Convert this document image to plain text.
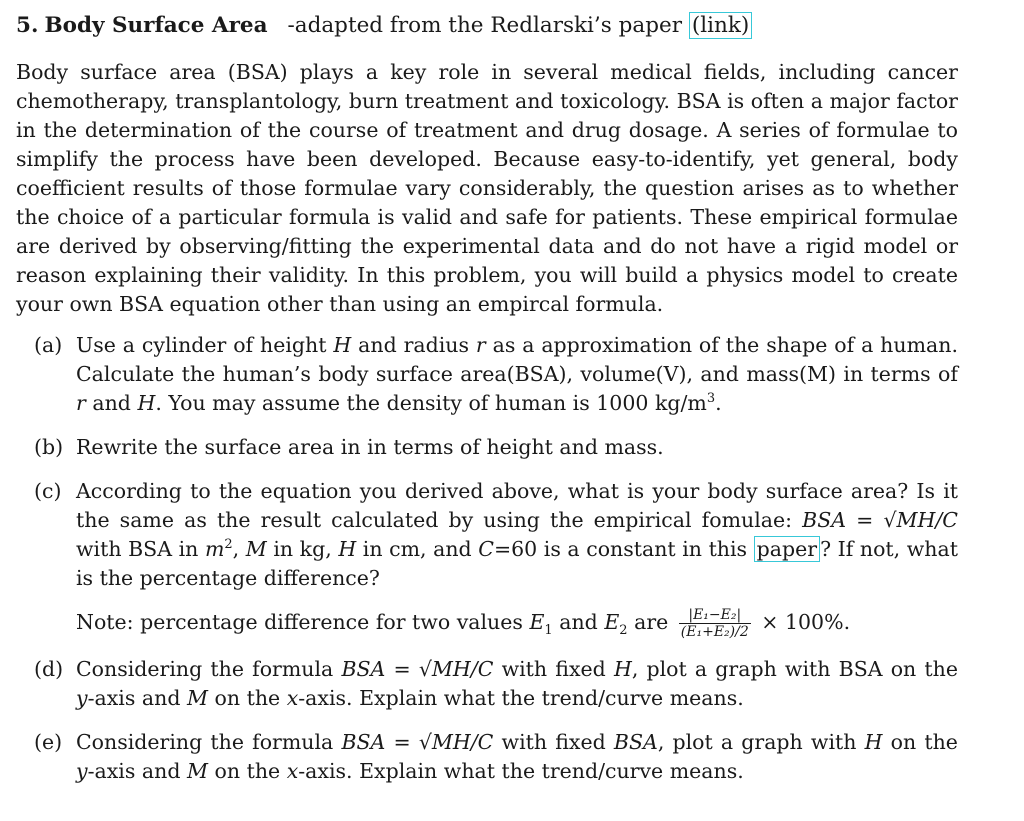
5. Body Surface Area -adapted from the Redlarski’s paper (link)
Body surface area (BSA) plays a key role in several medical fields, including cancer chemotherapy, transplantology, burn treatment and toxicology. BSA is often a major factor in the determination of the course of treatment and drug dosage. A series of formulae to simplify the process have been developed. Because easy-to-identify, yet general, body coefficient results of those formulae vary considerably, the question arises as to whether the choice of a particular formula is valid and safe for patients. These empirical formulae are derived by observing/fitting the experimental data and do not have a rigid model or reason explaining their validity. In this problem, you will build a physics model to create your own BSA equation other than using an empircal formula.
(a) Use a cylinder of height H and radius r as a approximation of the shape of a human. Calculate the human’s body surface area(BSA), volume(V), and mass(M) in terms of r and H. You may assume the density of human is 1000 $kg/m^3$.

(b) Rewrite the surface area in in terms of height and mass.

(c) According to the equation you derived above, what is your body surface area? Is it the same as the result calculated by using the empirical fomulae: BSA = √MH/C with BSA in $m^2$, M in kg, H in cm, and C=60 is a constant in this paper ? If not, what is the percentage difference?

Note: percentage difference for two values $E_1$ and $E_2$ are $\frac{\text{|E₁−E₂|}}{\text{(E₁+E₂)/2}} \times 100\%$.

(d) Considering the formula BSA = √MH/C with fixed H, plot a graph with BSA on the y-axis and M on the x-axis. Explain what the trend/curve means.

(e) Considering the formula BSA = √MH/C with fixed BSA, plot a graph with H on the y-axis and M on the x-axis. Explain what the trend/curve means.
